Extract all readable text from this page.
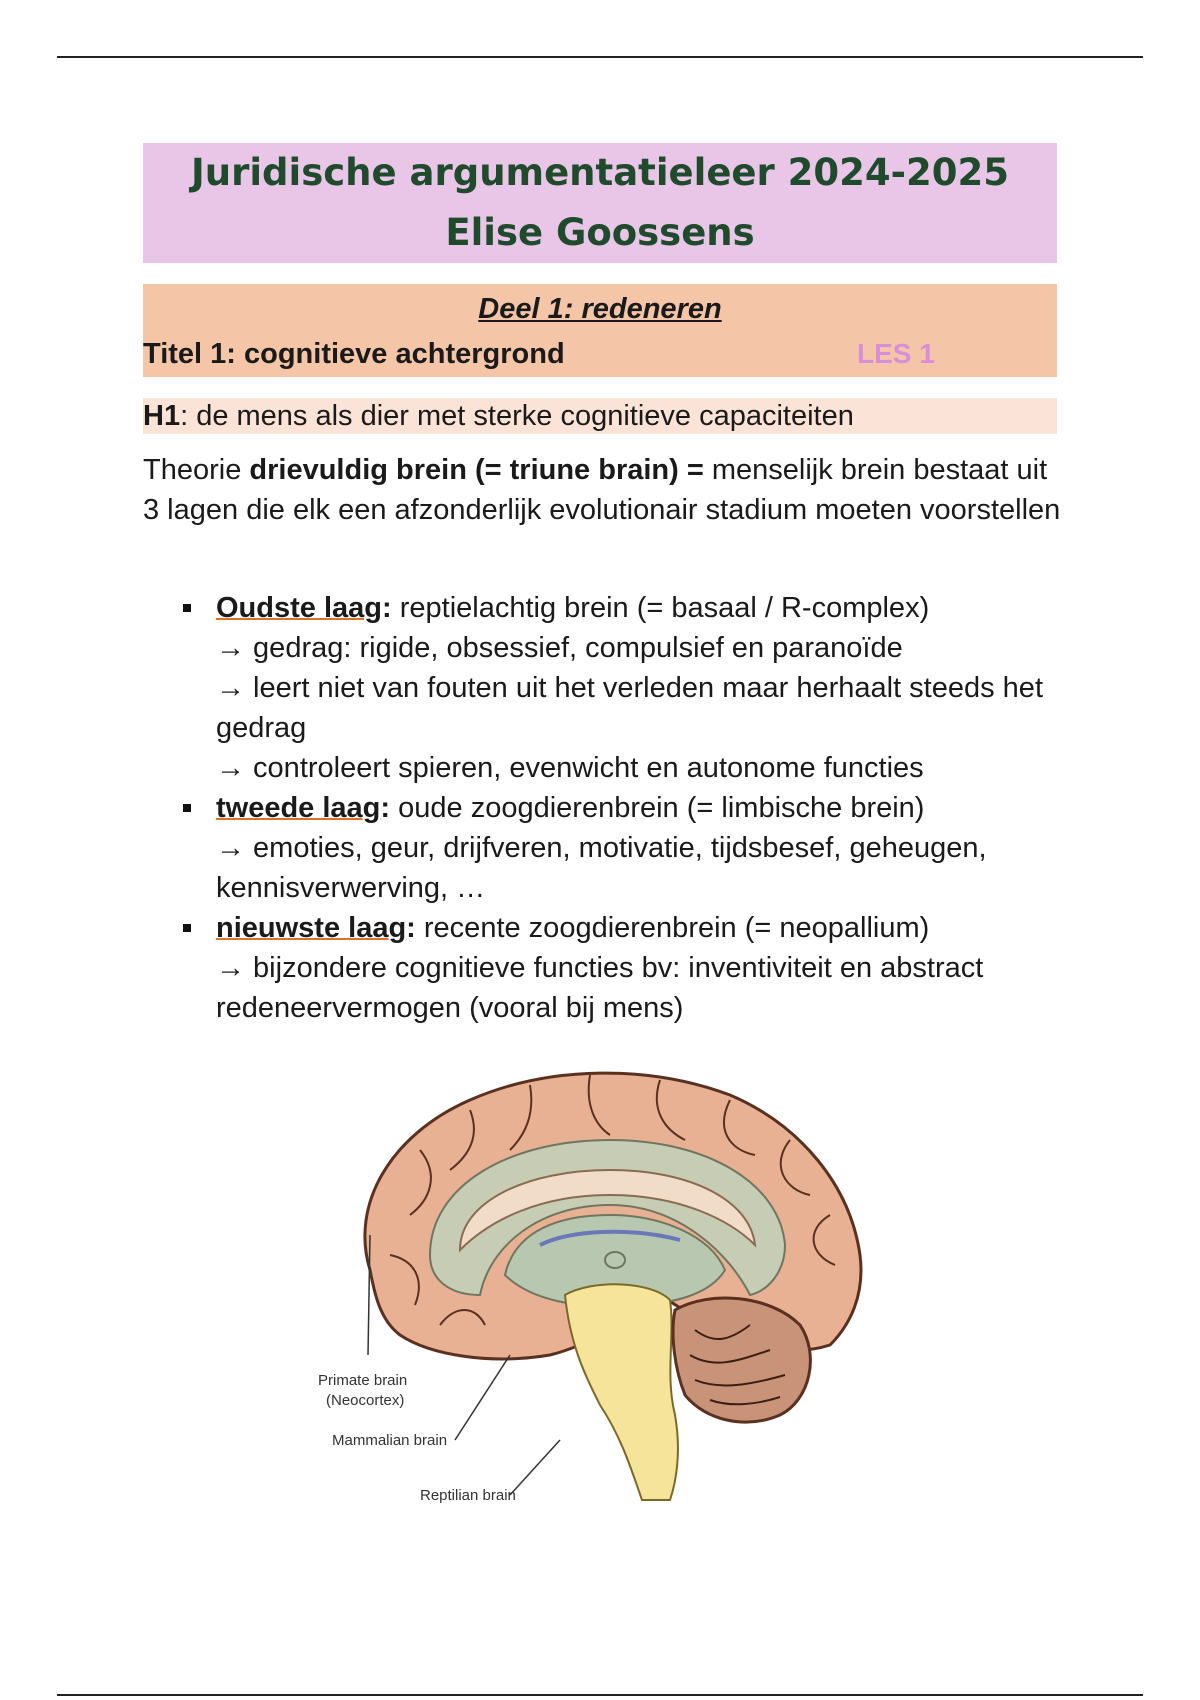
Juridische argumentatieleer 2024-2025
Elise Goossens
Deel 1: redeneren
Titel 1: cognitieve achtergrond	LES 1
H1: de mens als dier met sterke cognitieve capaciteiten
Theorie drievuldig brein (= triune brain) = menselijk brein bestaat uit 3 lagen die elk een afzonderlijk evolutionair stadium moeten voorstellen
Oudste laag: reptielachtig brein (= basaal / R-complex)
→ gedrag: rigide, obsessief, compulsief en paranoïde
→ leert niet van fouten uit het verleden maar herhaalt steeds het gedrag
→ controleert spieren, evenwicht en autonome functies
tweede laag: oude zoogdierenbrein (= limbische brein)
→ emoties, geur, drijfveren, motivatie, tijdsbesef, geheugen, kennisverwerving, …
nieuwste laag: recente zoogdierenbrein (= neopallium)
→ bijzondere cognitieve functies bv: inventiviteit en abstract redeneervermogen (vooral bij mens)
Primate brain
(Neocortex)
Mammalian brain
Reptilian brain
